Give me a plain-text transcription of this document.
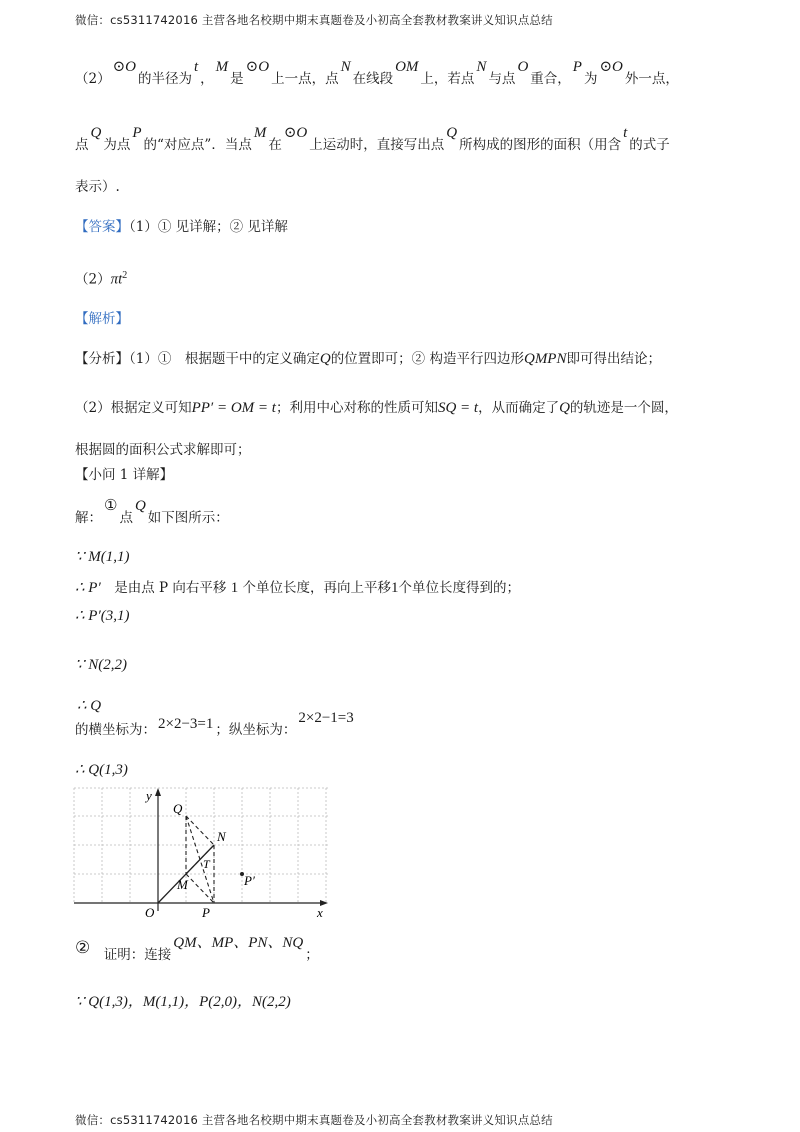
微信：cs5311742016 主营各地名校期中期末真题卷及小初高全套教材教案讲义知识点总结
（2）⊙O的半径为t，M是⊙O上一点，点N在线段OM上，若点N与点O重合，P为⊙O外一点，
点Q为点P的“对应点”．当点M在⊙O上运动时，直接写出点Q所构成的图形的面积（用含t的式子
表示）.
【答案】（1）① 见详解；② 见详解
$(2)\pi t^2$
【解析】
【分析】（1）①　根据题干中的定义确定Q的位置即可；② 构造平行四边形QMPN即可得出结论；
（2）根据定义可知PP′ = OM = t；利用中心对称的性质可知SQ = t，从而确定了Q的轨迹是一个圆，
根据圆的面积公式求解即可；
【小问 1 详解】
解：①点Q如下图所示：
∵ M(1,1)
∴ P′　 是由点 P 向右平移 1 个单位长度，再向上平移1个单位长度得到的；
∴ P′(3,1)
∵ N(2,2)
∴ Q
的横坐标为： 2×2−3=1 ；纵坐标为：2×2−1=3
∴ Q(1,3)
y
x
O
Q
N
T
M
P
P′
②　 证明：连接QM、MP、PN、NQ；
∵ Q(1,3)，M(1,1)，P(2,0)，N(2,2)
微信：cs5311742016 主营各地名校期中期末真题卷及小初高全套教材教案讲义知识点总结
